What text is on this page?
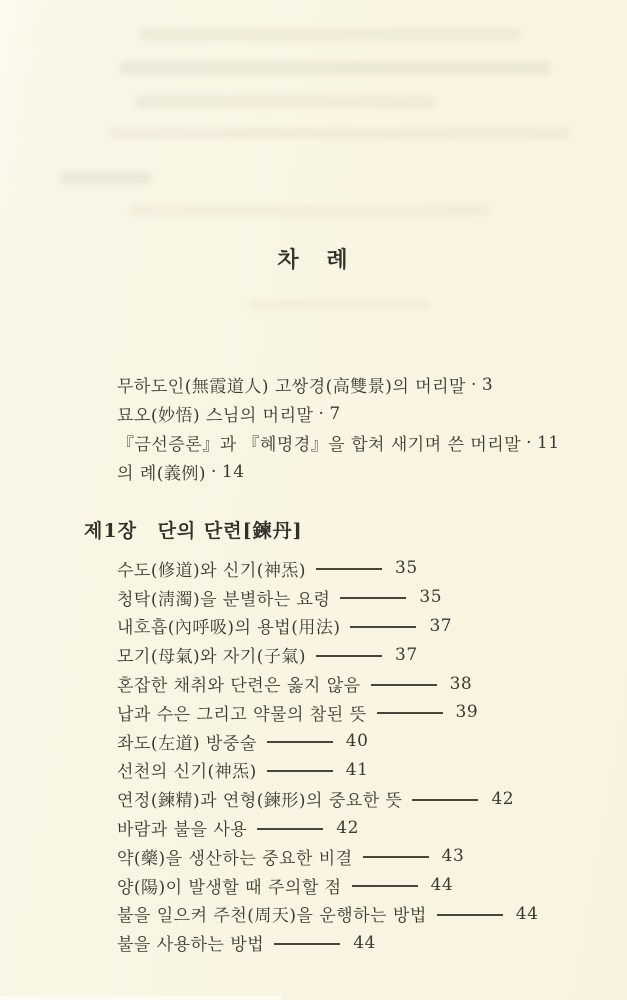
차 례
무하도인(無霞道人) 고쌍경(高雙景)의 머리말 · 3
묘오(妙悟) 스님의 머리말 · 7
『금선증론』과 『혜명경』을 합쳐 새기며 쓴 머리말 · 11
의 례(義例) · 14
제1장 단의 단련[鍊丹]
수도(修道)와 신기(神炁)	35
청탁(淸濁)을 분별하는 요령	35
내호흡(內呼吸)의 용법(用法)	37
모기(母氣)와 자기(子氣)	37
혼잡한 채취와 단련은 옳지 않음	38
납과 수은 그리고 약물의 참된 뜻	39
좌도(左道) 방중술	40
선천의 신기(神炁)	41
연정(鍊精)과 연형(鍊形)의 중요한 뜻	42
바람과 불을 사용	42
약(藥)을 생산하는 중요한 비결	43
양(陽)이 발생할 때 주의할 점	44
불을 일으켜 주천(周天)을 운행하는 방법	44
불을 사용하는 방법	44
